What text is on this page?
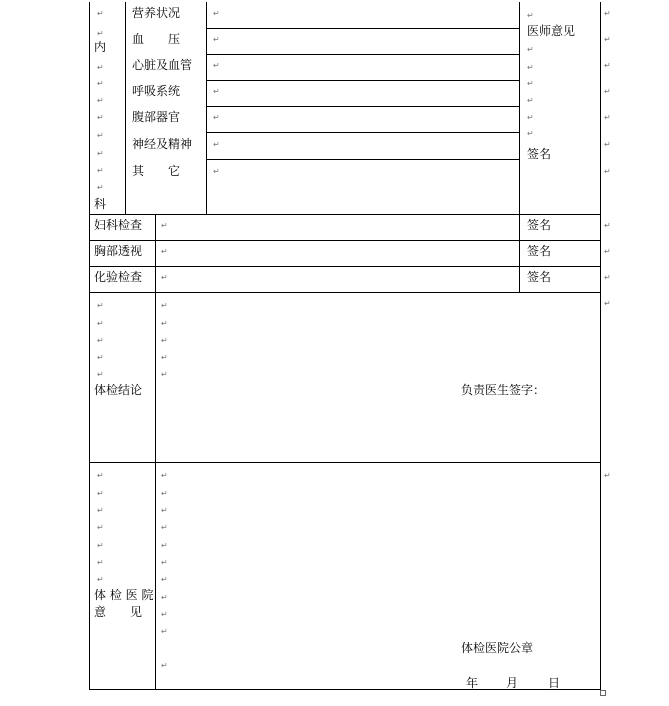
内
科
营养状况
血　　压
心脏及血管
呼吸系统
腹部器官
神经及精神
其　　它
医师意见
签名
妇科检查
胸部透视
化验检查
签名
签名
签名
体检结论	负责医生签字：
体 检 医 院
意　　见
体检医院公章
年 月 日
↵
↵
↵
↵
↵
↵
↵
↵
↵
↵
↵
↵
↵
↵
↵
↵
↵
↵
↵
↵
↵
↵
↵
↵
↵
↵
↵
↵
↵
↵
↵
↵
↵
↵
↵
↵
↵
↵
↵
↵
↵
↵
↵
↵
↵
↵
↵
↵
↵
↵
↵
↵
↵
↵
↵
↵
↵
↵
↵
↵
↵
↵
↵
↵
↵
↵
↵
